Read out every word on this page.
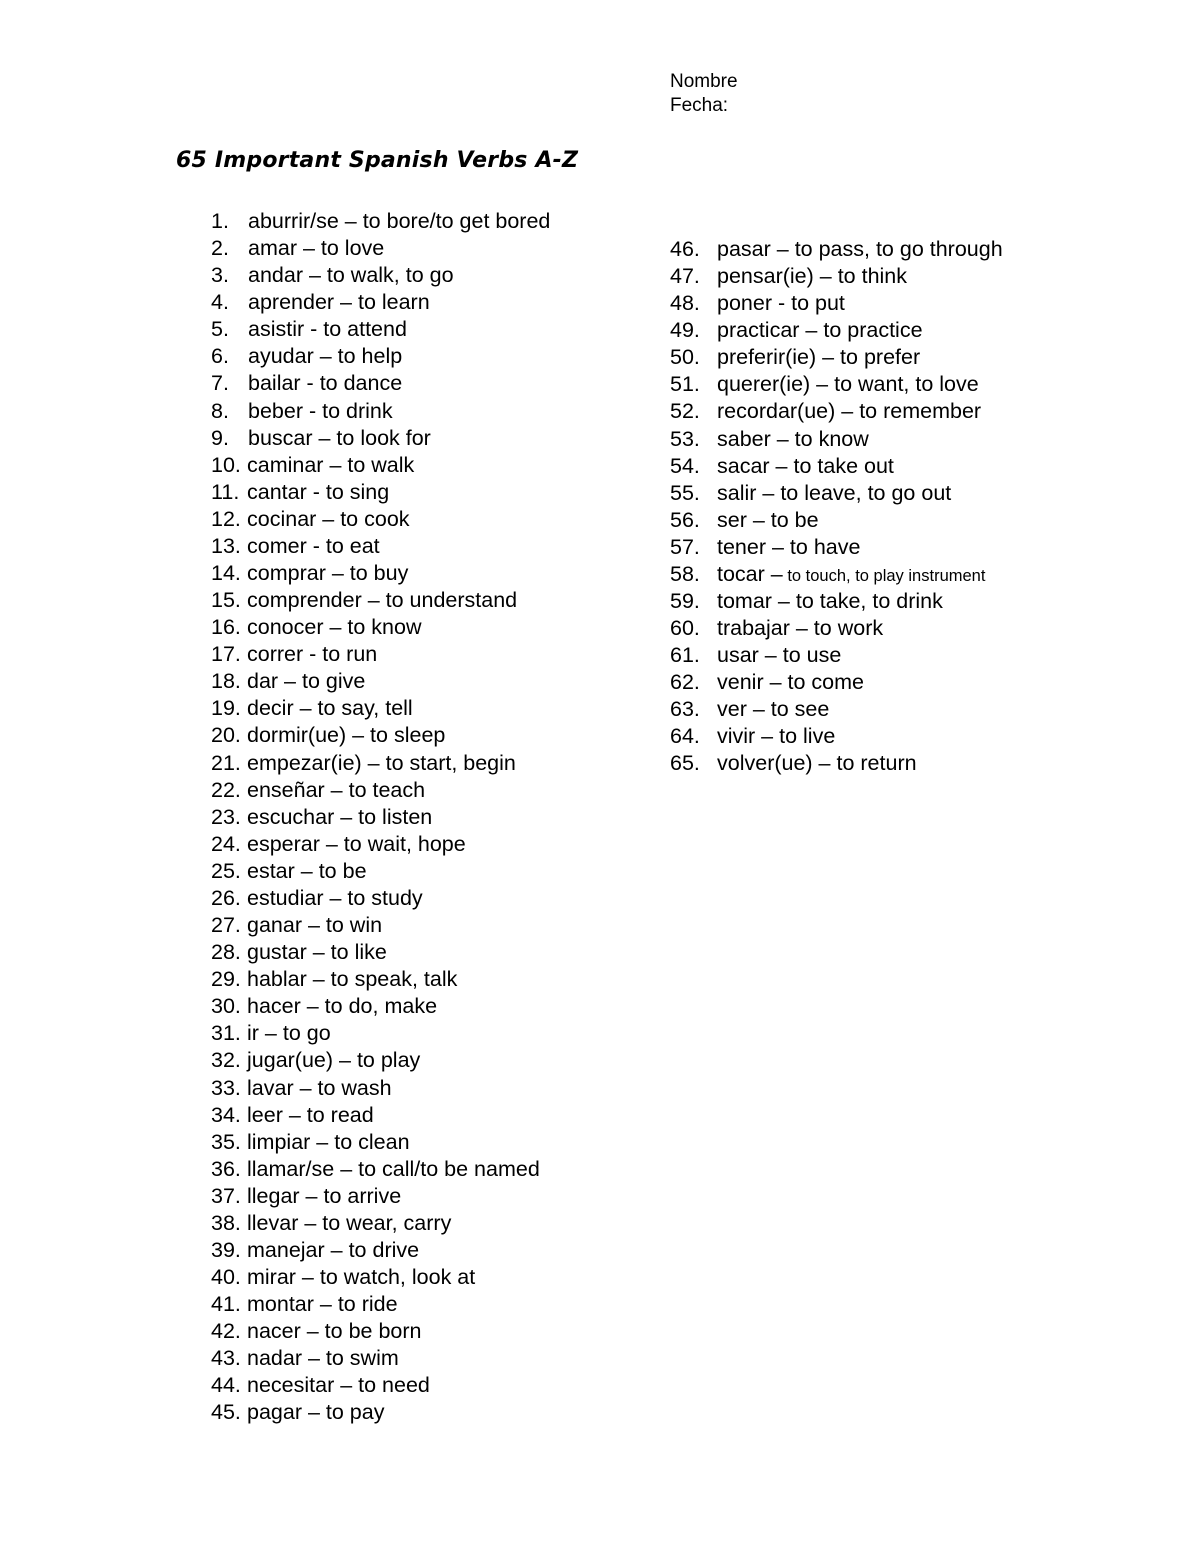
Nombre
Fecha:
65 Important Spanish Verbs A-Z
1. aburrir/se – to bore/to get bored
2. amar – to love
3. andar – to walk, to go
4. aprender – to learn
5. asistir - to attend
6. ayudar – to help
7. bailar - to dance
8. beber - to drink
9. buscar – to look for
10. caminar – to walk
11. cantar - to sing
12. cocinar – to cook
13. comer - to eat
14. comprar – to buy
15. comprender – to understand
16. conocer – to know
17. correr - to run
18. dar – to give
19. decir – to say, tell
20. dormir(ue) – to sleep
21. empezar(ie) – to start, begin
22. enseñar – to teach
23. escuchar – to listen
24. esperar – to wait, hope
25. estar – to be
26. estudiar – to study
27. ganar – to win
28. gustar – to like
29. hablar – to speak, talk
30. hacer – to do, make
31. ir – to go
32. jugar(ue) – to play
33. lavar – to wash
34. leer – to read
35. limpiar – to clean
36. llamar/se – to call/to be named
37. llegar – to arrive
38. llevar – to wear, carry
39. manejar – to drive
40. mirar – to watch, look at
41. montar – to ride
42. nacer – to be born
43. nadar – to swim
44. necesitar – to need
45. pagar – to pay
46. pasar – to pass, to go through
47. pensar(ie) – to think
48. poner - to put
49. practicar – to practice
50. preferir(ie) – to prefer
51. querer(ie) – to want, to love
52. recordar(ue) – to remember
53. saber – to know
54. sacar – to take out
55. salir – to leave, to go out
56. ser – to be
57. tener – to have
58. tocar – to touch, to play instrument
59. tomar – to take, to drink
60. trabajar – to work
61. usar – to use
62. venir – to come
63. ver – to see
64. vivir – to live
65. volver(ue) – to return
